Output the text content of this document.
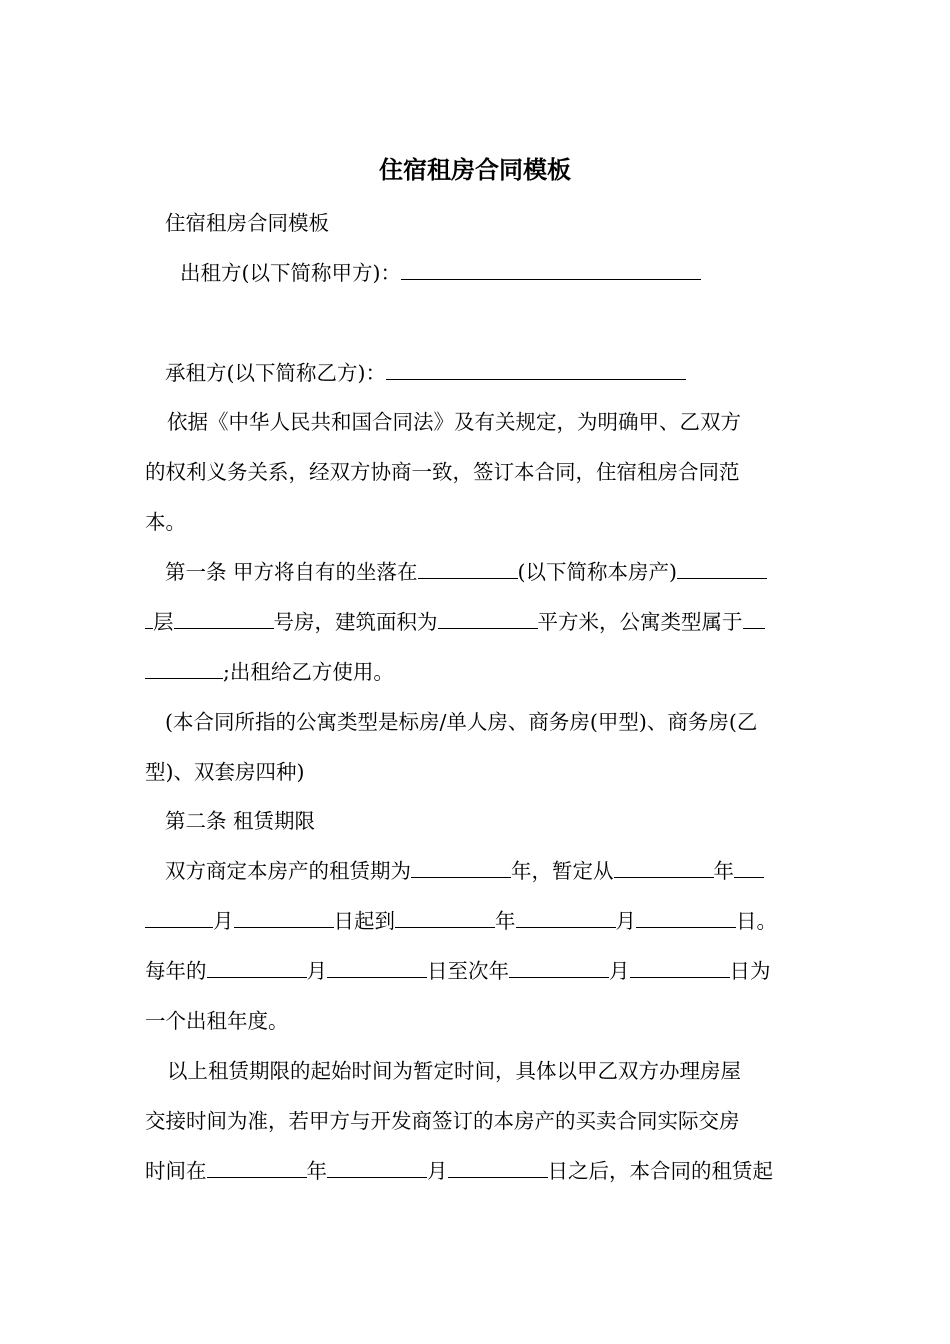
住宿租房合同模板

住宿租房合同模板

出租方(以下简称甲方)：

承租方(以下简称乙方)：

依据《中华人民共和国合同法》及有关规定，为明确甲、乙双方

的权利义务关系，经双方协商一致，签订本合同，住宿租房合同范

本。

第一条 甲方将自有的坐落在	(以下简称本房产)

层	号房，建筑面积为	平方米，公寓类型属于

;出租给乙方使用。

(本合同所指的公寓类型是标房/单人房、商务房(甲型)、商务房(乙

型)、双套房四种)

第二条 租赁期限

双方商定本房产的租赁期为	年，暂定从	年

月	日起到	年	月	日。

每年的	月	日至次年	月	日为

一个出租年度。

以上租赁期限的起始时间为暂定时间，具体以甲乙双方办理房屋

交接时间为准，若甲方与开发商签订的本房产的买卖合同实际交房

时间在	年	月	日之后，本合同的租赁起
